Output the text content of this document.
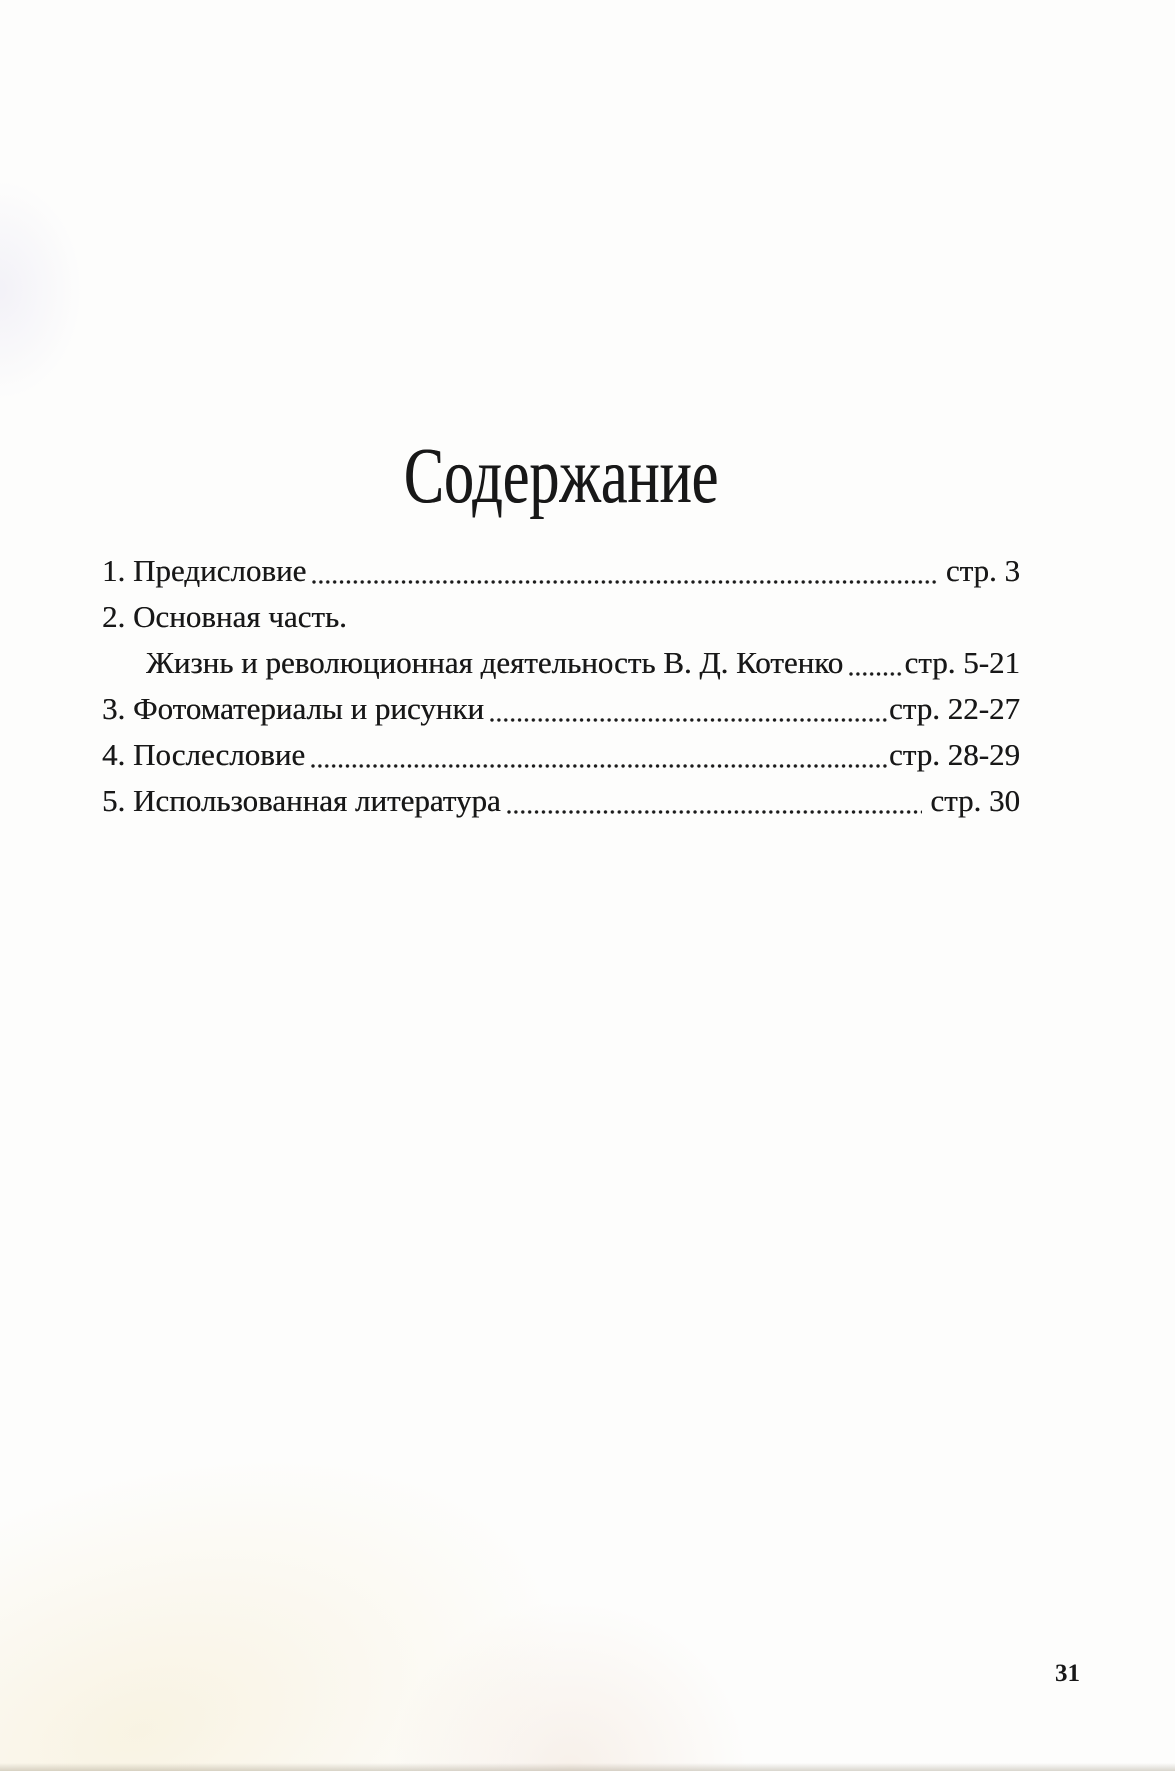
Содержание
1. Предисловие	стр. 3
2. Основная часть.
Жизнь и революционная деятельность В. Д. Котенко стр. 5-21
3. Фотоматериалы и рисунки	стр. 22-27
4. Послесловие	стр. 28-29
5. Использованная литература	стр. 30
31
